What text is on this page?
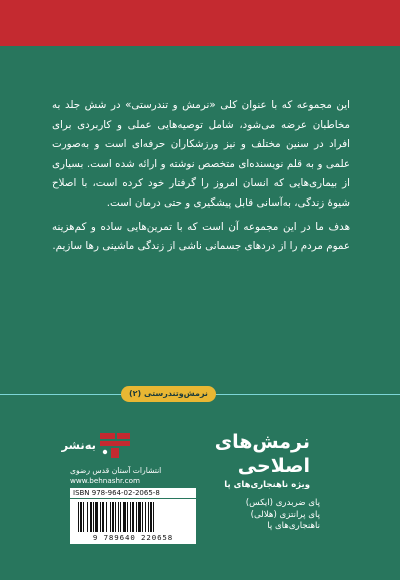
این مجموعه که با عنوان کلی «نرمش و تندرستی» در شش جلد به مخاطبان عرضه می‌شود، شامل توصیه‌هایی عملی و کاربردی برای افراد در سنین مختلف و نیز ورزشکاران حرفه‌ای است و به‌صورت علمی و به قلم نویسنده‌ای متخصص نوشته و ارائه شده است. بسیاری از بیماری‌هایی که انسان امروز را گرفتار خود کرده است، با اصلاح شیوهٔ زندگی، به‌آسانی قابل پیشگیری و حتی درمان است.

هدف ما در این مجموعه آن است که با تمرین‌هایی ساده و کم‌هزینه عموم مردم را از دردهای جسمانی ناشی از زندگی ماشینی رها سازیم.

نرمش‌وتندرستی (۲)
نرمش‌های اصلاحی
ویژه ناهنجاری‌های پا
پای ضربدری (ایکس)
پای پرانتزی (هلالی)
ناهنجاری‌های پا
به‌نشر
انتشارات آستان قدس رضوی
www.behnashr.com
ISBN 978-964-02-2065-8
9 789640 220658
